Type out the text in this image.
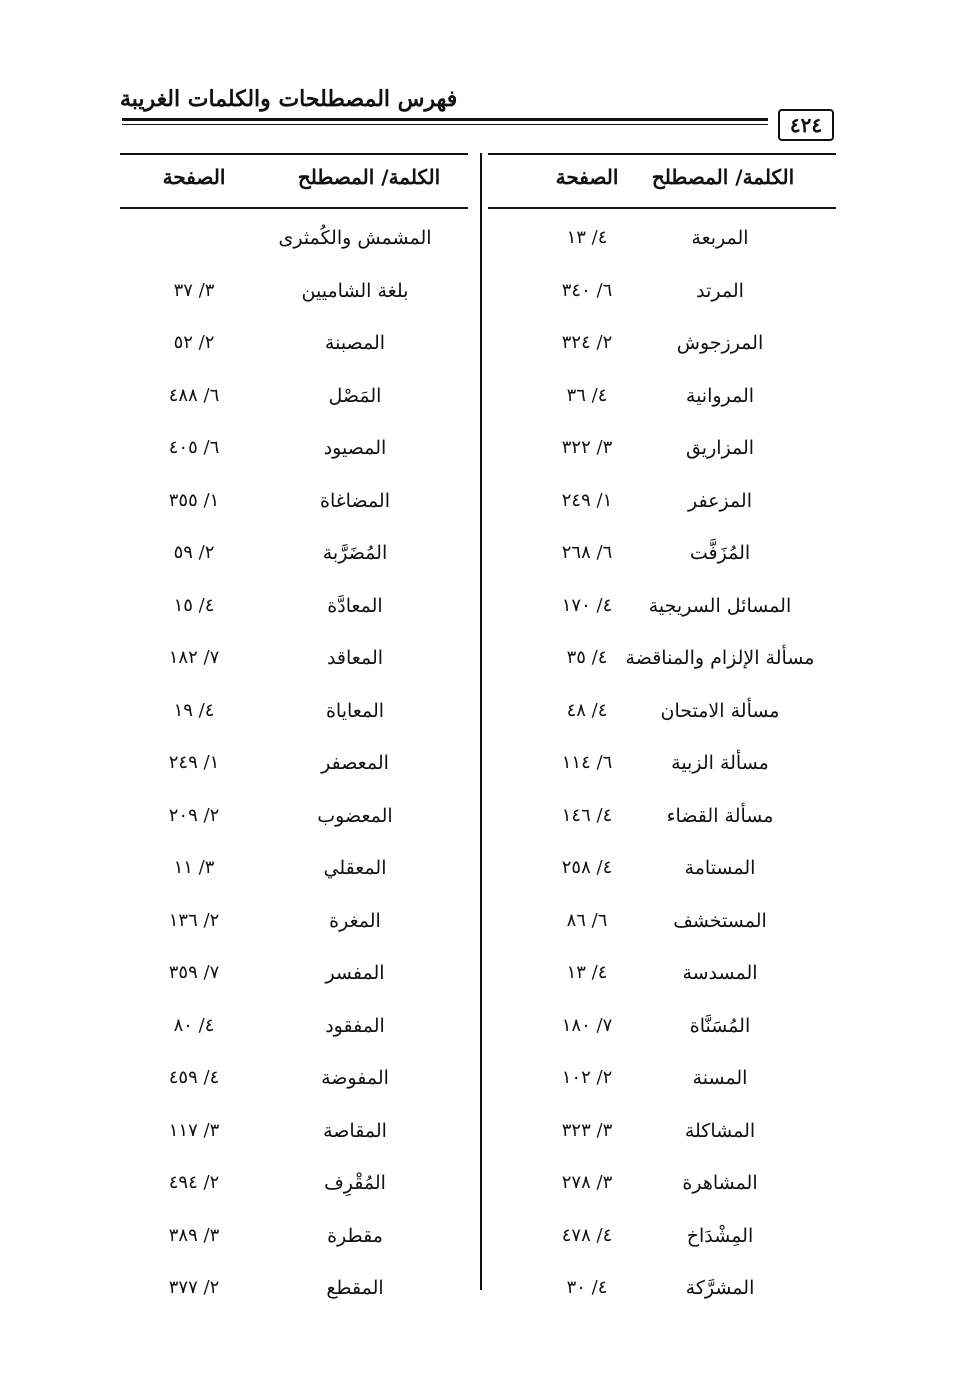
فهرس المصطلحات والكلمات الغريبة
٤٢٤
الكلمة/ المصطلح
الصفحة
المربعة
٤/ ١٣
المرتد
٦/ ٣٤٠
المرزجوش
٢/ ٣٢٤
المروانية
٤/ ٣٦
المزاريق
٣/ ٣٢٢
المزعفر
١/ ٢٤٩
المُزَفَّت
٦/ ٢٦٨
المسائل السريجية
٤/ ١٧٠
مسألة الإلزام والمناقضة
٤/ ٣٥
مسألة الامتحان
٤/ ٤٨
مسألة الزبية
٦/ ١١٤
مسألة القضاء
٤/ ١٤٦
المستامة
٤/ ٢٥٨
المستخشف
٦/ ٨٦
المسدسة
٤/ ١٣
المُسَنَّاة
٧/ ١٨٠
المسنة
٢/ ١٠٢
المشاكلة
٣/ ٣٢٣
المشاهرة
٣/ ٢٧٨
المِشْدَاخ
٤/ ٤٧٨
المشرَّكة
٤/ ٣٠
الكلمة/ المصطلح
الصفحة
المشمش والكُمثرى
بلغة الشاميين
٣/ ٣٧
المصبنة
٢/ ٥٢
المَصْل
٦/ ٤٨٨
المصيود
٦/ ٤٠٥
المضاغاة
١/ ٣٥٥
المُضَرَّبة
٢/ ٥٩
المعادَّة
٤/ ١٥
المعاقد
٧/ ١٨٢
المعاياة
٤/ ١٩
المعصفر
١/ ٢٤٩
المعضوب
٢/ ٢٠٩
المعقلي
٣/ ١١
المغرة
٢/ ١٣٦
المفسر
٧/ ٣٥٩
المفقود
٤/ ٨٠
المفوضة
٤/ ٤٥٩
المقاصة
٣/ ١١٧
المُقْرِف
٢/ ٤٩٤
مقطرة
٣/ ٣٨٩
المقطع
٢/ ٣٧٧
